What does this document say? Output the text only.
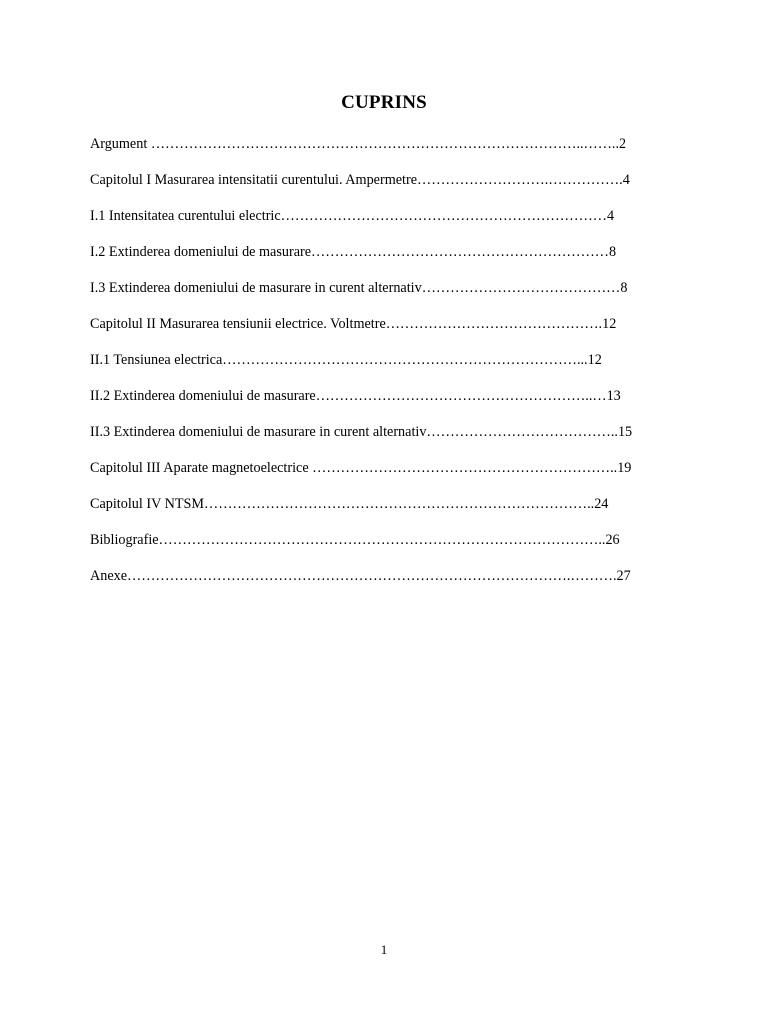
CUPRINS
Argument ………………………………………………………………………………..……..2
Capitolul I Masurarea intensitatii curentului. Ampermetre……………………….…………….4
I.1 Intensitatea curentului electric……………………………………………………………4
I.2 Extinderea domeniului de masurare………………………………………………………8
I.3 Extinderea domeniului de masurare in curent alternativ……………………………………8
Capitolul II Masurarea tensiunii electrice. Voltmetre……………………………………….12
II.1 Tensiunea electrica…………………………………………………………………...12
II.2 Extinderea domeniului de masurare…………………………………………………..…13
II.3 Extinderea domeniului de masurare in curent alternativ…………………………………..15
Capitolul III Aparate magnetoelectrice ………………………………………………………..19
Capitolul IV NTSM………………………………………………………………………..24
Bibliografie…………………………………………………………………………………..26
Anexe………………………………………………………………………………….……….27
1
